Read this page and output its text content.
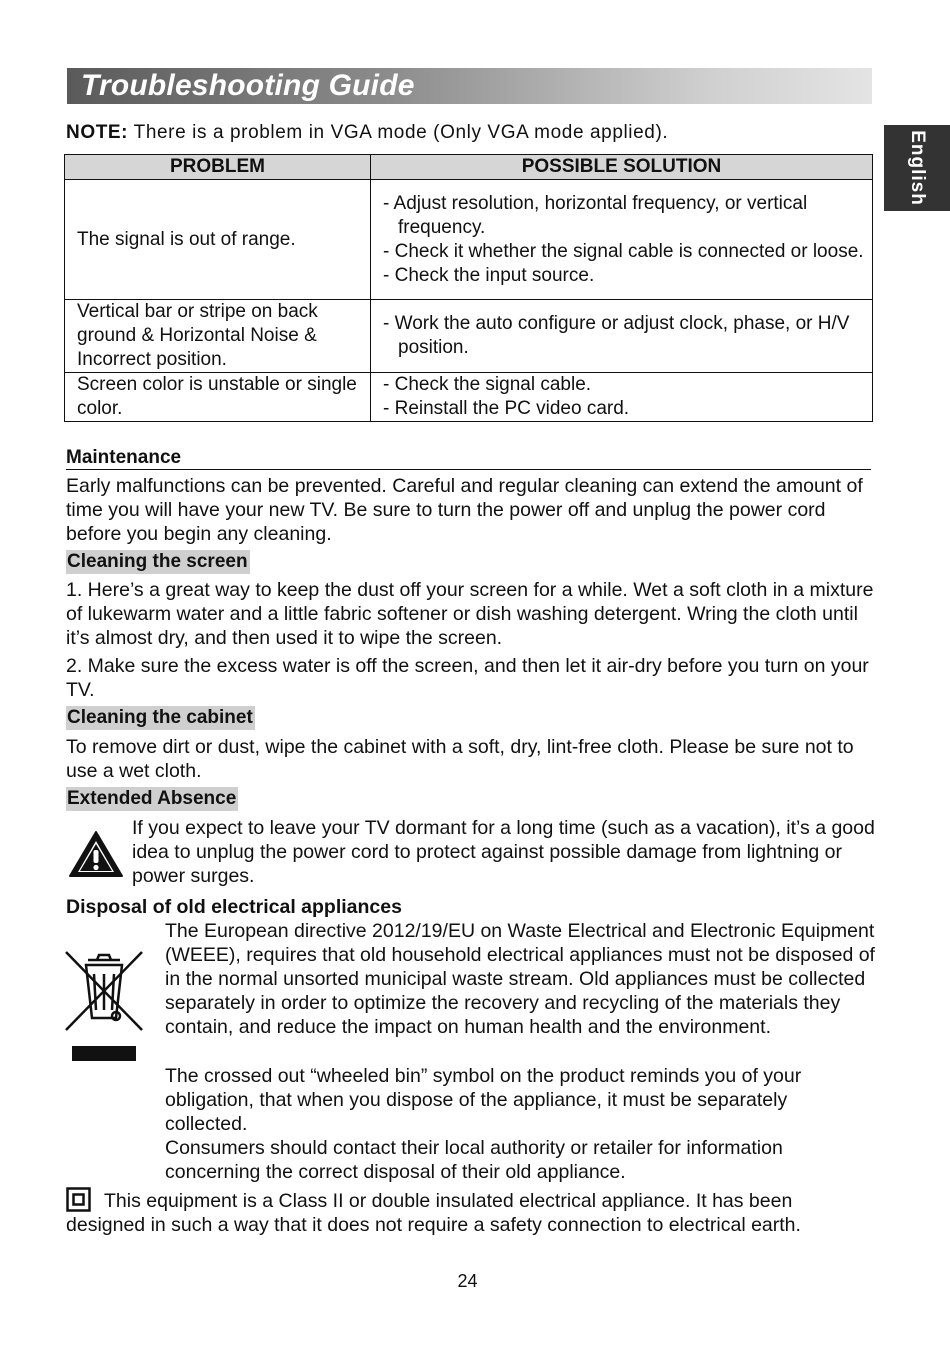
Troubleshooting Guide
English
NOTE: There is a problem in VGA mode (Only VGA mode applied).
PROBLEM	POSSIBLE SOLUTION
The signal is out of range.	- Adjust resolution, horizontal frequency, or vertical frequency.
- Check it whether the signal cable is connected or loose.
- Check the input source.

Vertical bar or stripe on back ground & Horizontal Noise & Incorrect position.	- Work the auto configure or adjust clock, phase, or H/V position.

Screen color is unstable or single color.	- Check the signal cable.
- Reinstall the PC video card.
Maintenance
Early malfunctions can be prevented. Careful and regular cleaning can extend the amount of time you will have your new TV. Be sure to turn the power off and unplug the power cord before you begin any cleaning.
Cleaning the screen
1. Here’s a great way to keep the dust off your screen for a while. Wet a soft cloth in a mixture of lukewarm water and a little fabric softener or dish washing detergent. Wring the cloth until it’s almost dry, and then used it to wipe the screen.
2. Make sure the excess water is off the screen, and then let it air-dry before you turn on your TV.
Cleaning the cabinet
To remove dirt or dust, wipe the cabinet with a soft, dry, lint-free cloth. Please be sure not to use a wet cloth.
Extended Absence
If you expect to leave your TV dormant for a long time (such as a vacation), it’s a good idea to unplug the power cord to protect against possible damage from lightning or power surges.
Disposal of old electrical appliances
The European directive 2012/19/EU on Waste Electrical and Electronic Equipment (WEEE), requires that old household electrical appliances must not be disposed of in the normal unsorted municipal waste stream. Old appliances must be collected separately in order to optimize the recovery and recycling of the materials they contain, and reduce the impact on human health and the environment.
The crossed out “wheeled bin” symbol on the product reminds you of your obligation, that when you dispose of the appliance, it must be separately collected.
Consumers should contact their local authority or retailer for information concerning the correct disposal of their old appliance.
This equipment is a Class II or double insulated electrical appliance. It has been designed in such a way that it does not require a safety connection to electrical earth.
24
